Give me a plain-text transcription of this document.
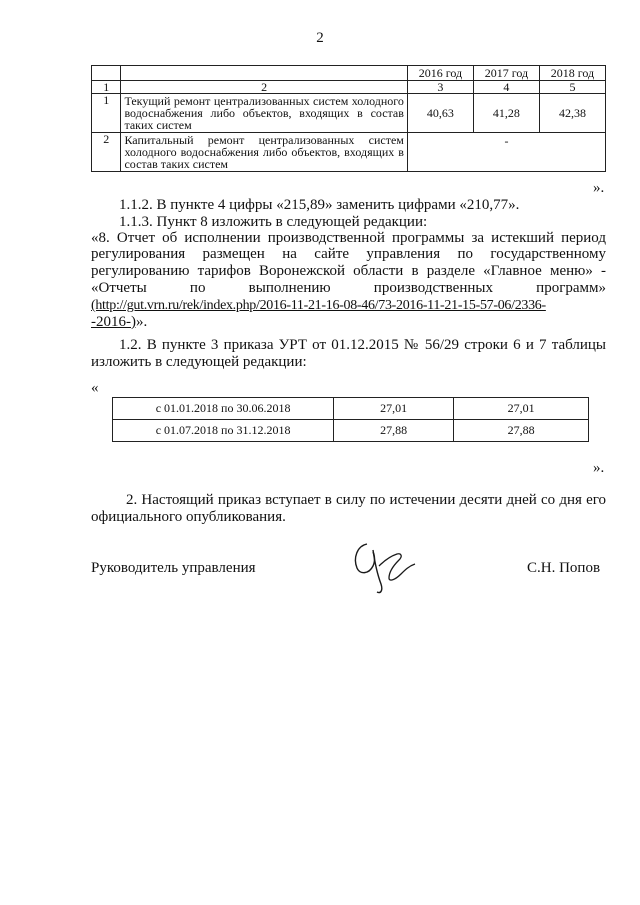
2
		2016 год	2017 год	2018 год
1	2	3	4	5
1	Текущий ремонт централизованных систем холодного водоснабжения либо объектов, входящих в состав таких систем	40,63	41,28	42,38
2	Капитальный ремонт централизованных систем холодного водоснабжения либо объектов, входящих в состав таких систем	-		
».
1.1.2. В пункте 4 цифры «215,89» заменить цифрами «210,77».
1.1.3. Пункт 8 изложить в следующей редакции:
«8. Отчет об исполнении производственной программы за истекший период
регулирования размещен на сайте управления по государственному
регулированию тарифов Воронежской области в разделе «Главное меню» -
«Отчеты по выполнению производственных программ»
(http://gut.vrn.ru/rek/index.php/2016-11-21-16-08-46/73-2016-11-21-15-57-06/2336-
-2016-)».
1.2. В пункте 3 приказа УРТ от 01.12.2015 № 56/29 строки 6 и 7 таблицы
изложить в следующей редакции:
«
с 01.01.2018 по 30.06.2018	27,01	27,01
с 01.07.2018 по 31.12.2018	27,88	27,88
».
2. Настоящий приказ вступает в силу по истечении десяти дней со дня его
официального опубликования.
Руководитель управления	С.Н. Попов
